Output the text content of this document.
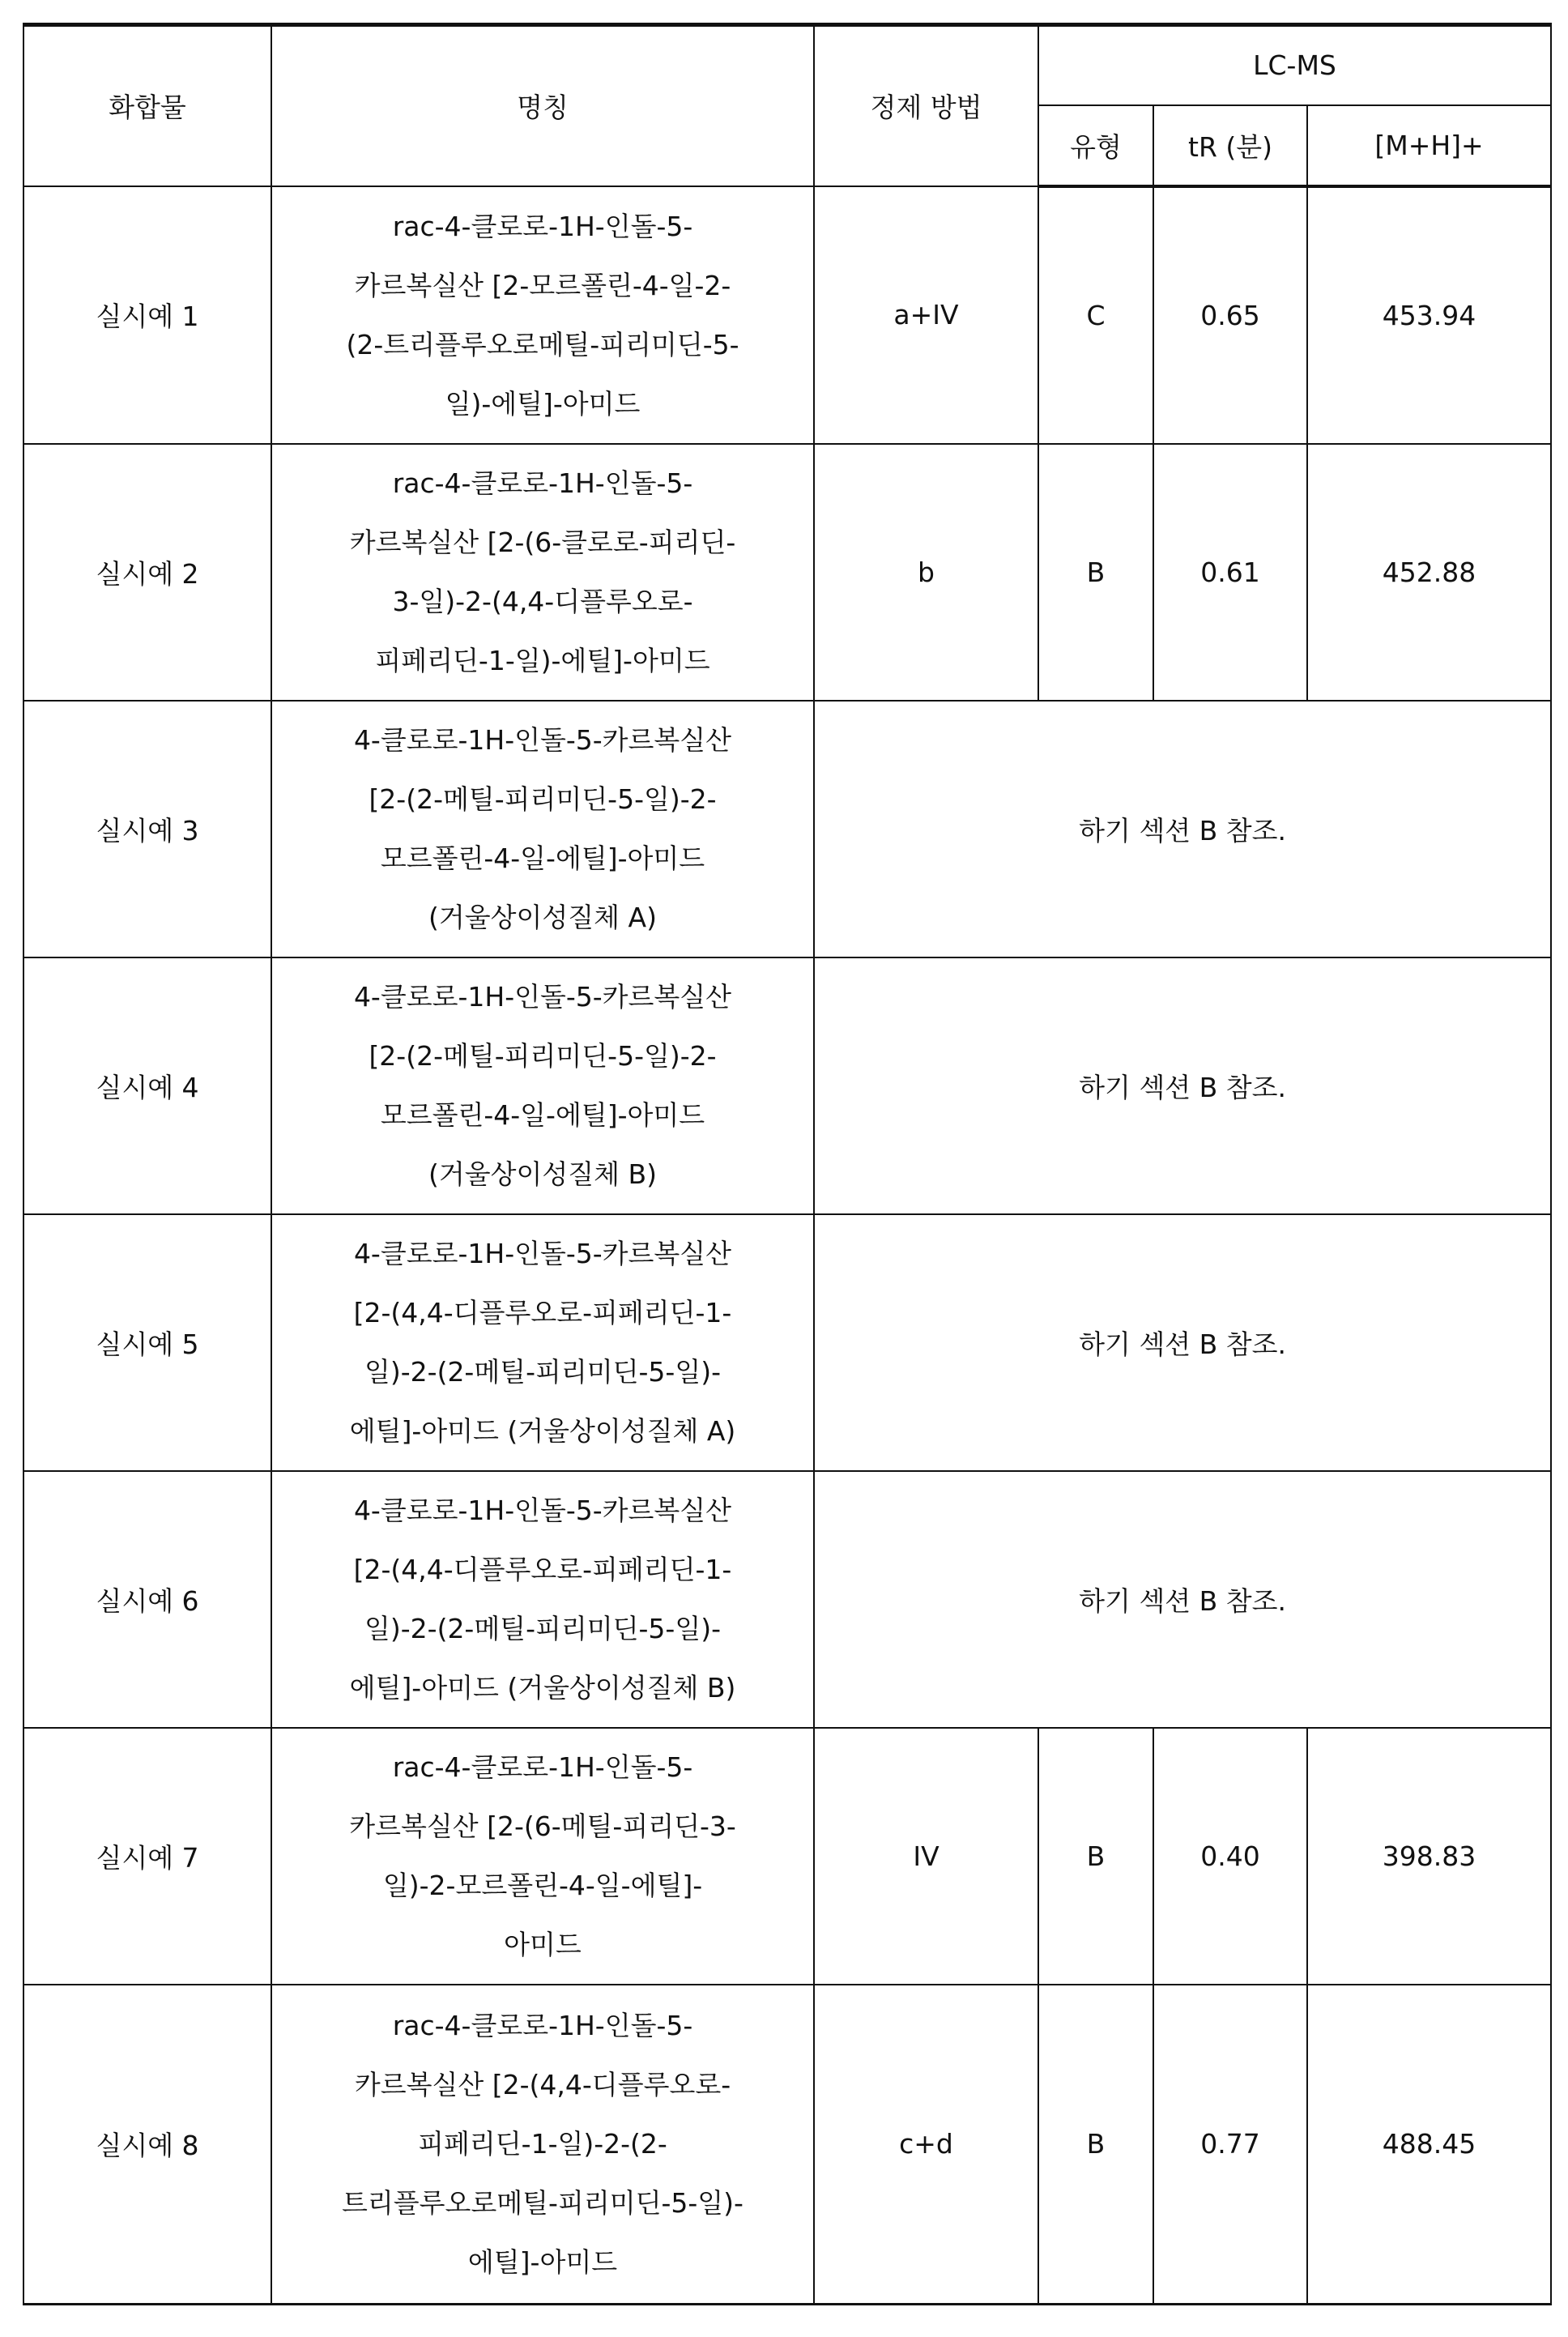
화합물	명칭	정제 방법	LC-MS
유형	tR (분)	[M+H]+
실시예 1	
rac-4-클로로-1H-인돌-5-
카르복실산 [2-모르폴린-4-일-2-
(2-트리플루오로메틸-피리미딘-5-
일)-에틸]-아미드
	a+IV	C	0.65	453.94
실시예 2	
rac-4-클로로-1H-인돌-5-
카르복실산 [2-(6-클로로-피리딘-
3-일)-2-(4,4-디플루오로-
피페리딘-1-일)-에틸]-아미드
	b	B	0.61	452.88
실시예 3	
4-클로로-1H-인돌-5-카르복실산
[2-(2-메틸-피리미딘-5-일)-2-
모르폴린-4-일-에틸]-아미드
(거울상이성질체 A)
	하기 섹션 B 참조.
실시예 4	
4-클로로-1H-인돌-5-카르복실산
[2-(2-메틸-피리미딘-5-일)-2-
모르폴린-4-일-에틸]-아미드
(거울상이성질체 B)
	하기 섹션 B 참조.
실시예 5	
4-클로로-1H-인돌-5-카르복실산
[2-(4,4-디플루오로-피페리딘-1-
일)-2-(2-메틸-피리미딘-5-일)-
에틸]-아미드 (거울상이성질체 A)
	하기 섹션 B 참조.
실시예 6	
4-클로로-1H-인돌-5-카르복실산
[2-(4,4-디플루오로-피페리딘-1-
일)-2-(2-메틸-피리미딘-5-일)-
에틸]-아미드 (거울상이성질체 B)
	하기 섹션 B 참조.
실시예 7	
rac-4-클로로-1H-인돌-5-
카르복실산 [2-(6-메틸-피리딘-3-
일)-2-모르폴린-4-일-에틸]-
아미드
	IV	B	0.40	398.83
실시예 8	
rac-4-클로로-1H-인돌-5-
카르복실산 [2-(4,4-디플루오로-
피페리딘-1-일)-2-(2-
트리플루오로메틸-피리미딘-5-일)-
에틸]-아미드
	c+d	B	0.77	488.45
